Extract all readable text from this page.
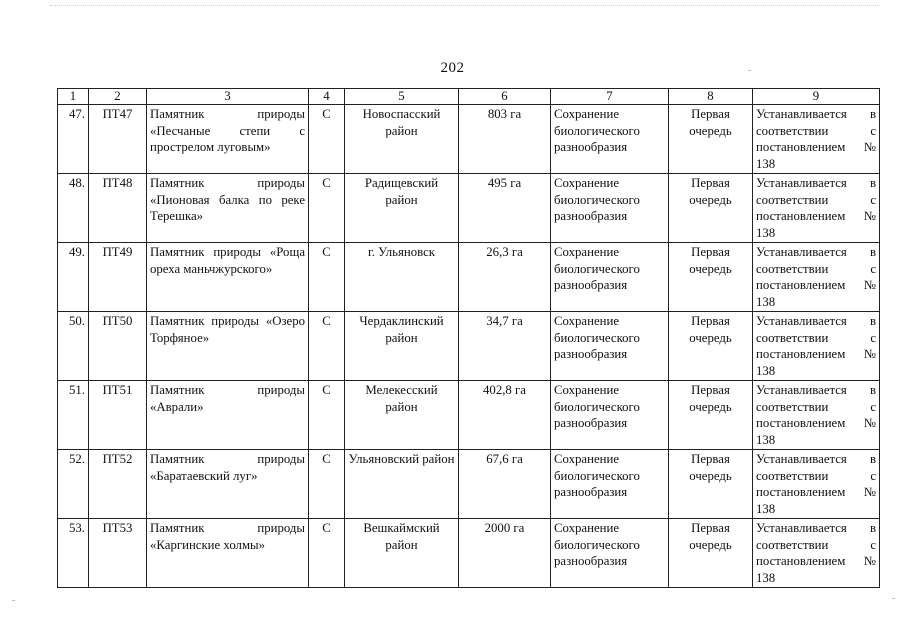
202
1	2	3	4	5	6	7	8	9
47.	ПТ47	Памятник природы «Песчаные степи с прострелом луговым»	С	Новоспасский район	803 га	Сохранение биологического разнообразия	Первая очередь	Устанавливается в соответствии с постановлением № 138
48.	ПТ48	Памятник природы «Пионовая балка по реке Терешка»	С	Радищевский район	495 га	Сохранение биологического разнообразия	Первая очередь	Устанавливается в соответствии с постановлением № 138
49.	ПТ49	Памятник природы «Роща ореха маньчжурского»	С	г. Ульяновск	26,3 га	Сохранение биологического разнообразия	Первая очередь	Устанавливается в соответствии с постановлением № 138
50.	ПТ50	Памятник природы «Озеро Торфяное»	С	Чердаклинский район	34,7 га	Сохранение биологического разнообразия	Первая очередь	Устанавливается в соответствии с постановлением № 138
51.	ПТ51	Памятник природы «Аврали»	С	Мелекесский район	402,8 га	Сохранение биологического разнообразия	Первая очередь	Устанавливается в соответствии с постановлением № 138
52.	ПТ52	Памятник природы «Баратаевский луг»	С	Ульяновский район	67,6 га	Сохранение биологического разнообразия	Первая очередь	Устанавливается в соответствии с постановлением № 138
53.	ПТ53	Памятник природы «Каргинские холмы»	С	Вешкаймский район	2000 га	Сохранение биологического разнообразия	Первая очередь	Устанавливается в соответствии с постановлением № 138
